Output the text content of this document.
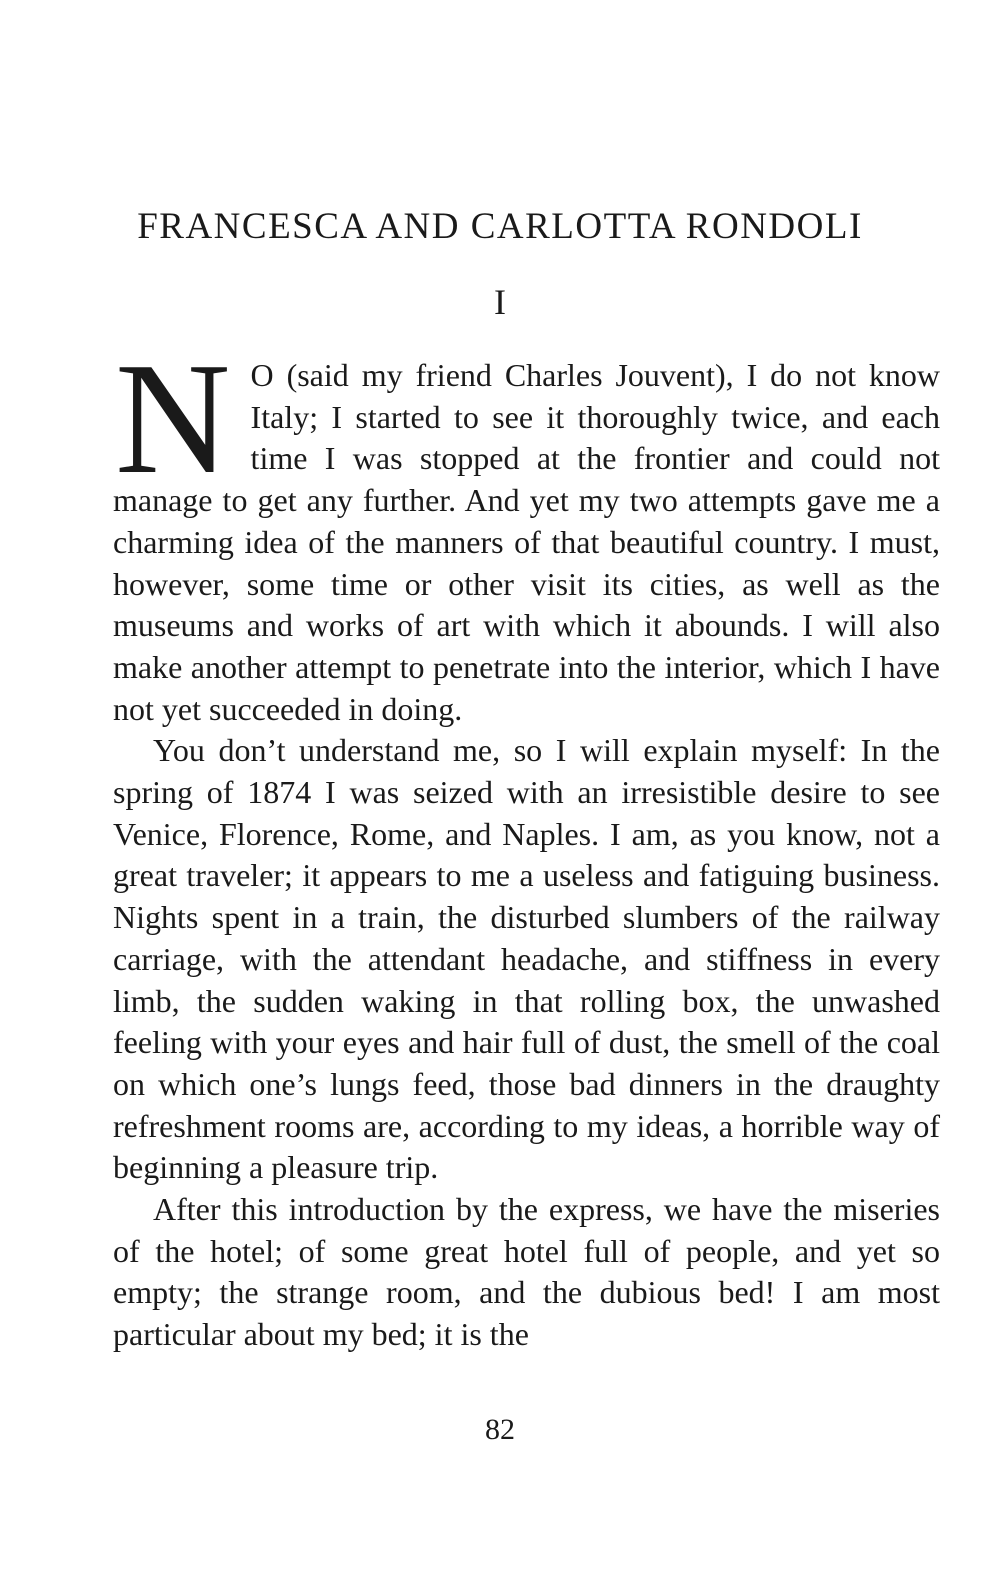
FRANCESCA AND CARLOTTA RONDOLI
I

N O (said my friend Charles Jouvent), I do not know Italy; I started to see it thoroughly twice, and each time I was stopped at the frontier and could not manage to get any further. And yet my two attempts gave me a charming idea of the manners of that beautiful country. I must, however, some time or other visit its cities, as well as the museums and works of art with which it abounds. I will also make another attempt to penetrate into the interior, which I have not yet succeeded in doing.

You don’t understand me, so I will explain myself: In the spring of 1874 I was seized with an irresistible desire to see Venice, Florence, Rome, and Naples. I am, as you know, not a great traveler; it appears to me a useless and fatiguing business. Nights spent in a train, the disturbed slumbers of the railway carriage, with the attendant headache, and stiffness in every limb, the sudden waking in that rolling box, the unwashed feeling with your eyes and hair full of dust, the smell of the coal on which one’s lungs feed, those bad dinners in the draughty refreshment rooms are, according to my ideas, a horrible way of beginning a pleasure trip.

After this introduction by the express, we have the miseries of the hotel; of some great hotel full of people, and yet so empty; the strange room, and the dubious bed! I am most particular about my bed; it is the

82
